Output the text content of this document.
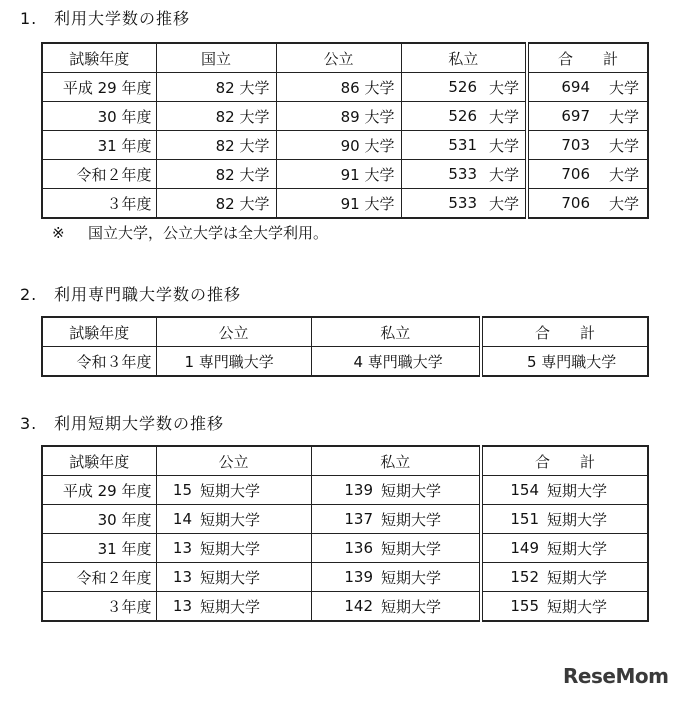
1. 利用大学数の推移
試験年度	国立	公立	私立		合　　計	
平成 29 年度	82 大学	86 大学	526	大学	694	大学
30 年度	82 大学	89 大学	526	大学	697	大学
31 年度	82 大学	90 大学	531	大学	703	大学
令和２年度	82 大学	91 大学	533	大学	706	大学
３年度	82 大学	91 大学	533	大学	706	大学
※ 国立大学，公立大学は全大学利用。
2. 利用専門職大学数の推移
試験年度	公立	私立	合　　計
令和３年度	1 専門職大学	4 専門職大学	5 専門職大学
3. 利用短期大学数の推移
試験年度	公立		私立		合　　計	
平成 29 年度	15	短期大学	139	短期大学	154	短期大学
30 年度	14	短期大学	137	短期大学	151	短期大学
31 年度	13	短期大学	136	短期大学	149	短期大学
令和２年度	13	短期大学	139	短期大学	152	短期大学
３年度	13	短期大学	142	短期大学	155	短期大学
ReseMom
